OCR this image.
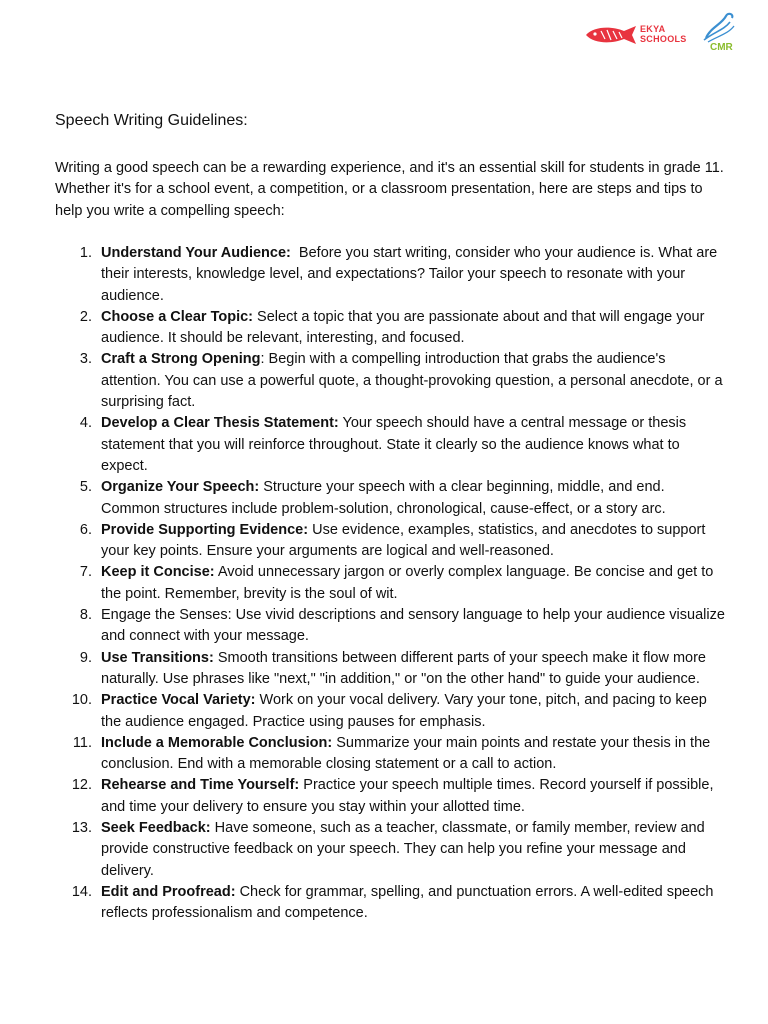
EKYA
SCHOOLS
CMR
Speech Writing Guidelines:
Writing a good speech can be a rewarding experience, and it's an essential skill for students in grade 11. Whether it's for a school event, a competition, or a classroom presentation, here are steps and tips to help you write a compelling speech:
1. Understand Your Audience:  Before you start writing, consider who your audience is. What are their interests, knowledge level, and expectations? Tailor your speech to resonate with your audience.
2. Choose a Clear Topic: Select a topic that you are passionate about and that will engage your audience. It should be relevant, interesting, and focused.
3. Craft a Strong Opening: Begin with a compelling introduction that grabs the audience's attention. You can use a powerful quote, a thought-provoking question, a personal anecdote, or a surprising fact.
4. Develop a Clear Thesis Statement: Your speech should have a central message or thesis statement that you will reinforce throughout. State it clearly so the audience knows what to expect.
5. Organize Your Speech: Structure your speech with a clear beginning, middle, and end. Common structures include problem-solution, chronological, cause-effect, or a story arc.
6. Provide Supporting Evidence: Use evidence, examples, statistics, and anecdotes to support your key points. Ensure your arguments are logical and well-reasoned.
7. Keep it Concise: Avoid unnecessary jargon or overly complex language. Be concise and get to the point. Remember, brevity is the soul of wit.
8. Engage the Senses: Use vivid descriptions and sensory language to help your audience visualize and connect with your message.
9. Use Transitions: Smooth transitions between different parts of your speech make it flow more naturally. Use phrases like "next," "in addition," or "on the other hand" to guide your audience.
10. Practice Vocal Variety: Work on your vocal delivery. Vary your tone, pitch, and pacing to keep the audience engaged. Practice using pauses for emphasis.
11. Include a Memorable Conclusion: Summarize your main points and restate your thesis in the conclusion. End with a memorable closing statement or a call to action.
12. Rehearse and Time Yourself: Practice your speech multiple times. Record yourself if possible, and time your delivery to ensure you stay within your allotted time.
13. Seek Feedback: Have someone, such as a teacher, classmate, or family member, review and provide constructive feedback on your speech. They can help you refine your message and delivery.
14. Edit and Proofread: Check for grammar, spelling, and punctuation errors. A well-edited speech reflects professionalism and competence.
